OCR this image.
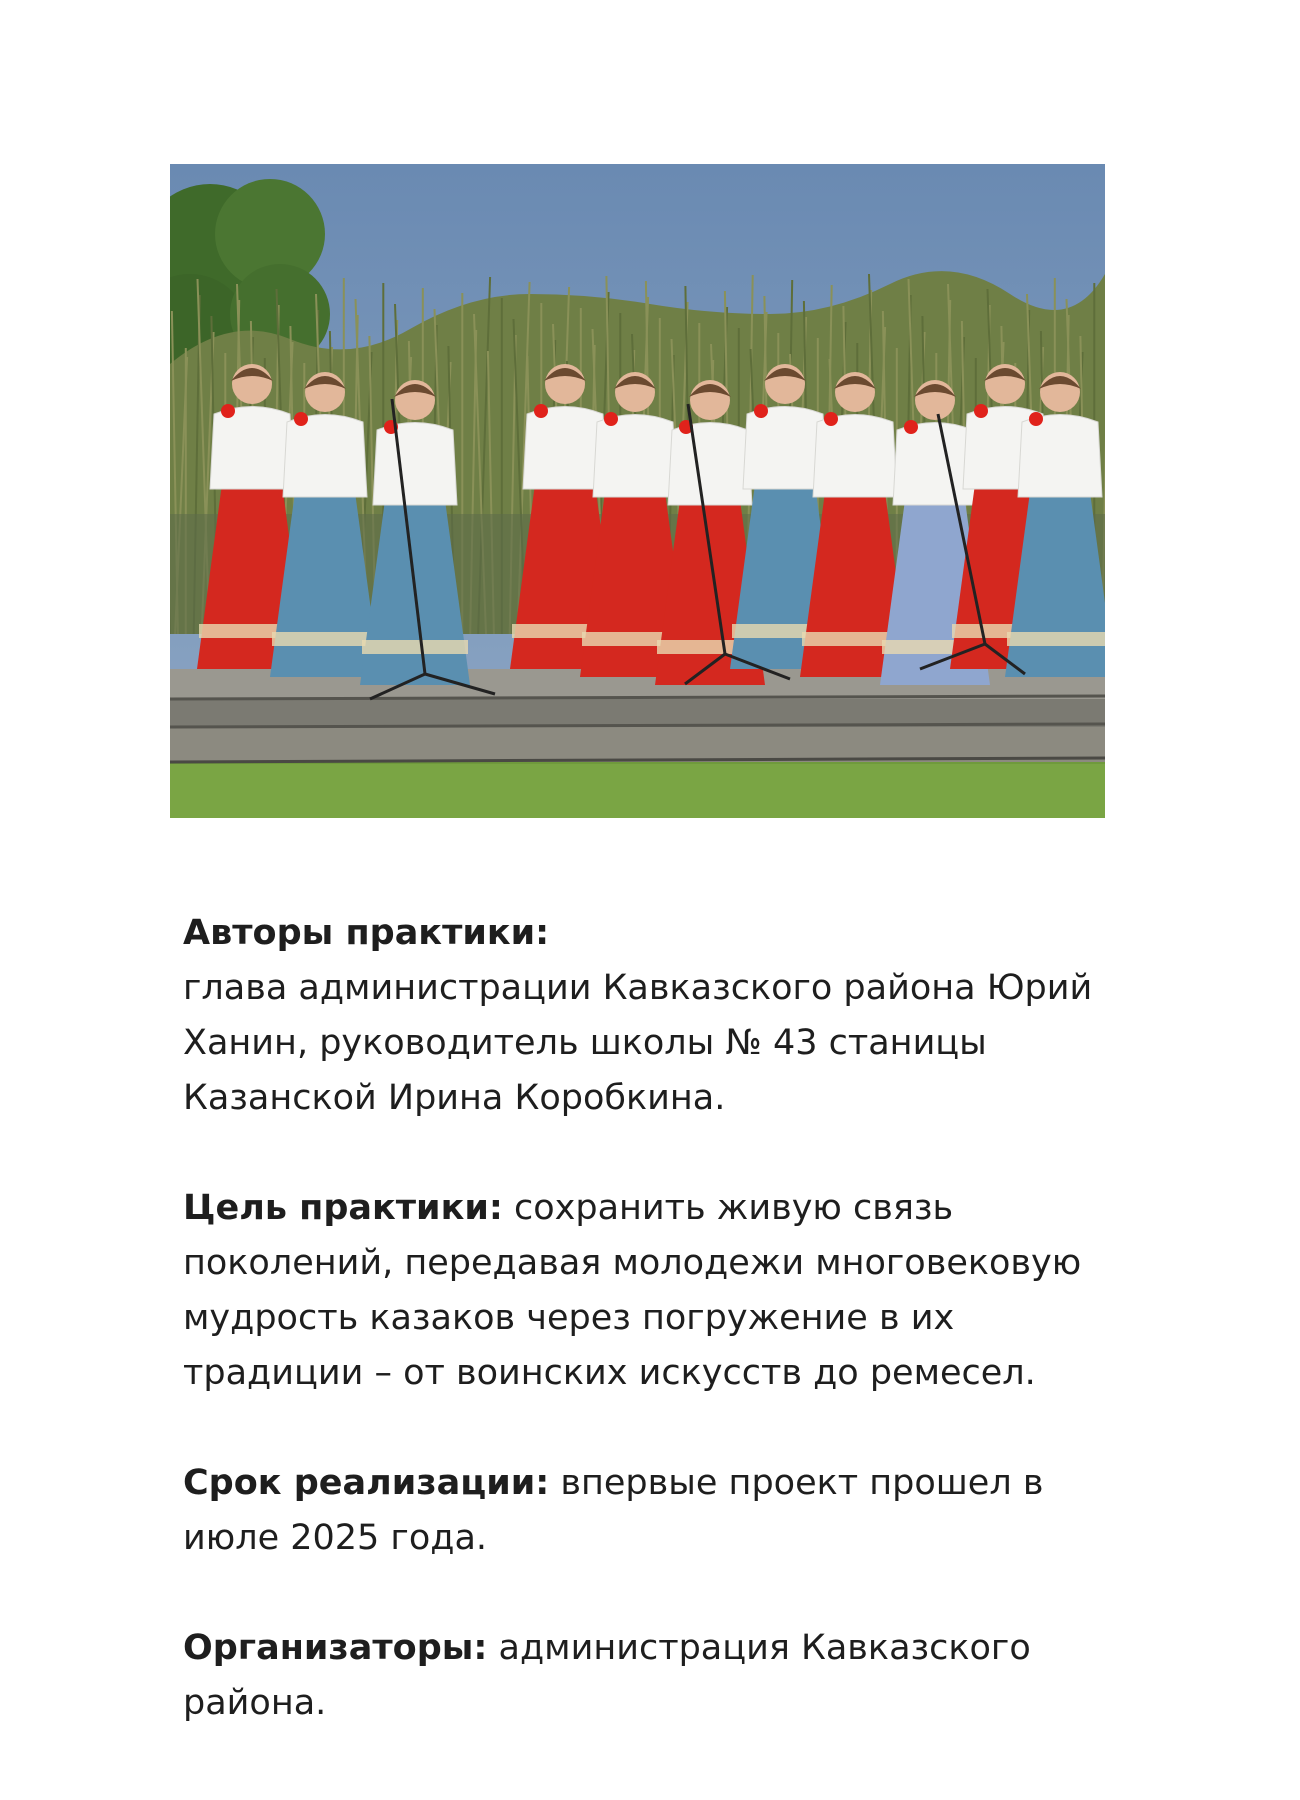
Авторы практики:
глава администрации Кавказского района Юрий
Ханин, руководитель школы № 43 станицы
Казанской Ирина Коробкина.
Цель практики: сохранить живую связь
поколений, передавая молодежи многовековую
мудрость казаков через погружение в их
традиции – от воинских искусств до ремесел.
Срок реализации: впервые проект прошел в
июле 2025 года.
Организаторы: администрация Кавказского
района.
